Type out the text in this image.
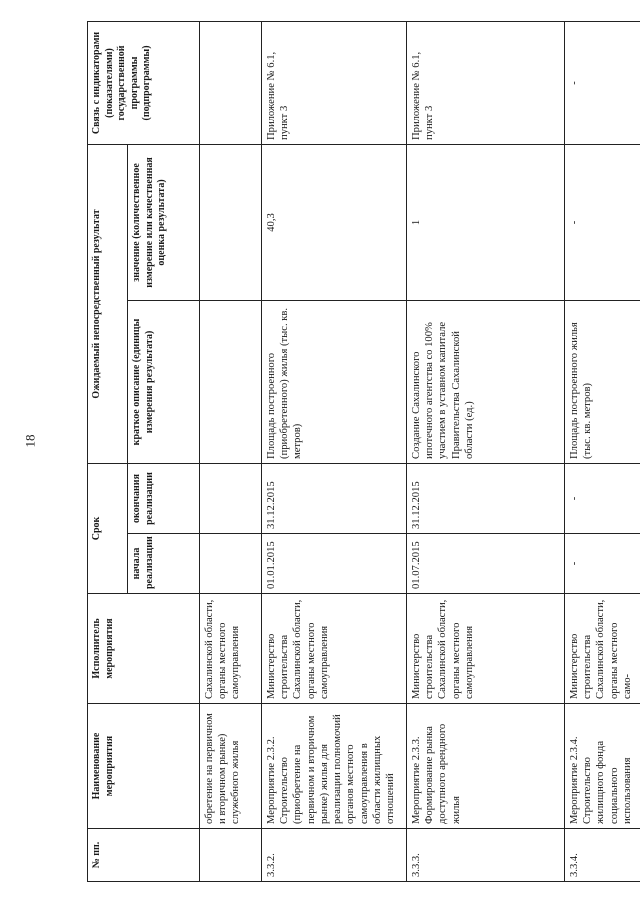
18
№ пп.	Наименование мероприятия	Исполнитель мероприятия	Срок		Ожидаемый непосредственный результат		Связь с индикаторами (показателями) государственной программы (подпрограммы)
			начала реализации	окончания реализации	краткое описание (единицы измерения результата)	значение (количественное измерение или качественная оценка результата)	
	обретение на первичном и вторичном рынке) служебного жилья	Сахалинской области, органы местного самоуправления					
3.3.2.	Мероприятие 2.3.2. Строительство (приобретение на первичном и вторичном рынке) жилья для реализации полномочий органов местного самоуправления в области жилищных отношений	Министерство строительства Сахалинской области, органы местного самоуправления	01.01.2015	31.12.2015	Площадь построенного (приобретенного) жилья (тыс. кв. метров)	40,3	Приложение № 6.1, пункт 3
3.3.3.	Мероприятие 2.3.3. Формирование рынка доступного арендного жилья	Министерство строительства Сахалинской области, органы местного самоуправления	01.07.2015	31.12.2015	Создание Сахалинского ипотечного агентства со 100% участием в уставном капитале Правительства Сахалинской области (ед.)	1	Приложение № 6.1, пункт 3
3.3.4.	Мероприятие 2.3.4. Строительство жилищного фонда социального использования	Министерство строительства Сахалинской области, органы местного само-	-	-	Площадь построенного жилья (тыс. кв. метров)	-	-
